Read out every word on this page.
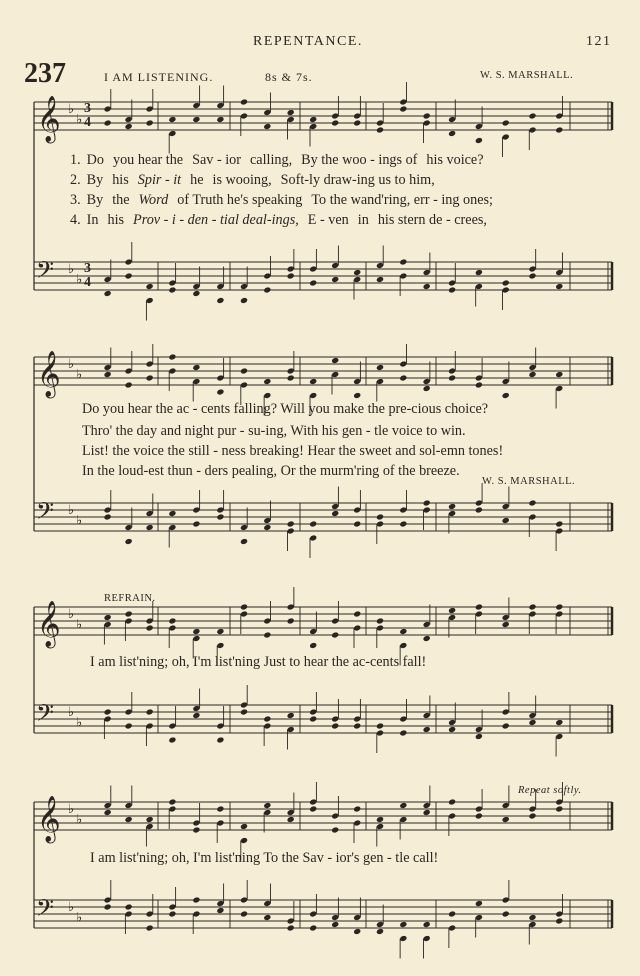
REPENTANCE.	121
237	I AM LISTENING.	8s & 7s.	W. S. MARSHALL.
𝄞 ♭
♭
𝄢 ♭
♭
𝄞 ♭
♭
𝄢 ♭
♭
𝄞 ♭
♭
𝄢 ♭
♭
𝄞 ♭
♭
𝄢 ♭
♭
3
4
3
4
1. Do you hear the Sav - ior calling, By the woo - ings of his voice?
2. By his Spir - it he is wooing, Soft-ly draw-ing us to him,
3. By the Word of Truth he's speaking To the wand'ring, err - ing ones;
4. In his Prov - i - den - tial deal-ings, E - ven in his stern de - crees,
Do you hear the ac - cents falling? Will you make the pre-cious choice?
Thro' the day and night pur - su-ing, With his gen - tle voice to win.
List! the voice the still - ness breaking! Hear the sweet and sol-emn tones!
In the loud-est thun - ders pealing, Or the murm'ring of the breeze.
W. S. MARSHALL.
REFRAIN.
I am list'ning; oh, I'm list'ning Just to hear the ac-cents fall!
Repeat softly.
I am list'ning; oh, I'm list'ning To the Sav - ior's gen - tle call!
